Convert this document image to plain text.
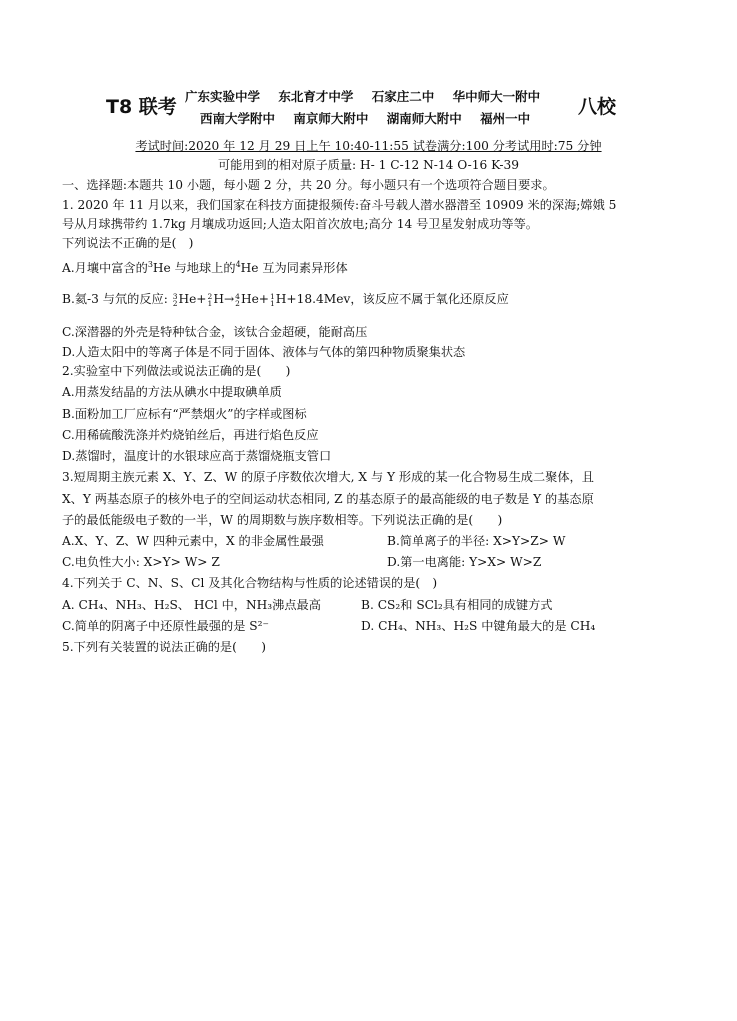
T8 联考 广东实验中学 东北育才中学 石家庄二中 华中师大一附中
西南大学附中 南京师大附中 湖南师大附中 福州一中
八校
考试时间:2020 年 12 月 29 日上午 10:40-11:55 试卷满分:100 分考试用时:75 分钟
可能用到的相对原子质量: H- 1 C-12 N-14 O-16 K-39
一、选择题:本题共 10 小题，每小题 2 分，共 20 分。每小题只有一个选项符合题目要求。
1. 2020 年 11 月以来，我们国家在科技方面捷报频传:奋斗号载人潜水器潜至 10909 米的深海;嫦娥 5
号从月球携带约 1.7kg 月壤成功返回;人造太阳首次放电;高分 14 号卫星发射成功等等。
下列说法不正确的是(　)
A.月壤中富含的$^3$He 与地球上的$^4$He 互为同素异形体
B.氦-3 与氘的反应: 3
2He+2
1H→4
2He+1
1H+18.4Mev，该反应不属于氧化还原反应
C.深潜器的外壳是特种钛合金，该钛合金超硬，能耐高压
D.人造太阳中的等离子体是不同于固体、液体与气体的第四种物质聚集状态
2.实验室中下列做法或说法正确的是(　　)
A.用蒸发结晶的方法从碘水中提取碘单质
B.面粉加工厂应标有“严禁烟火”的字样或图标
C.用稀硫酸洗涤并灼烧铂丝后，再进行焰色反应
D.蒸馏时，温度计的水银球应高于蒸馏烧瓶支管口
3.短周期主族元素 X、Y、Z、W 的原子序数依次增大, X 与 Y 形成的某一化合物易生成二聚体，且
X、Y 两基态原子的核外电子的空间运动状态相同, Z 的基态原子的最高能级的电子数是 Y 的基态原
子的最低能级电子数的一半，W 的周期数与族序数相等。下列说法正确的是(　　)
A.X、Y、Z、W 四种元素中，X 的非金属性最强	B.简单离子的半径: X>Y>Z> W
C.电负性大小: X>Y> W> Z	D.第一电离能: Y>X> W>Z
4.下列关于 C、N、S、Cl 及其化合物结构与性质的论述错误的是(　)
A. CH₄、NH₃、H₂S、 HCl 中，NH₃沸点最高	B. CS₂和 SCl₂具有相同的成键方式
C.简单的阴离子中还原性最强的是 S²⁻	D. CH₄、NH₃、H₂S 中键角最大的是 CH₄
5.下列有关装置的说法正确的是(　　)
